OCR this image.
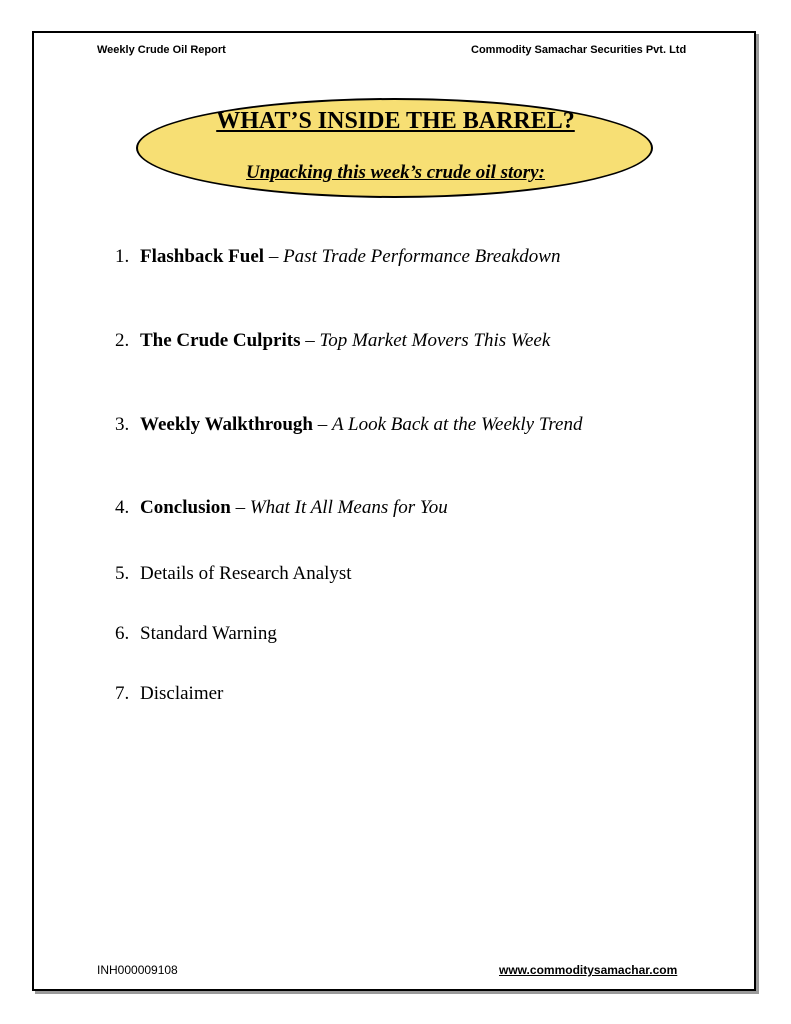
Weekly Crude Oil Report	Commodity Samachar Securities Pvt. Ltd
WHAT’S INSIDE THE BARREL?
Unpacking this week’s crude oil story:
1. Flashback Fuel – Past Trade Performance Breakdown
2. The Crude Culprits – Top Market Movers This Week
3. Weekly Walkthrough – A Look Back at the Weekly Trend
4. Conclusion – What It All Means for You
5. Details of Research Analyst
6. Standard Warning
7. Disclaimer
INH000009108	www.commoditysamachar.com
